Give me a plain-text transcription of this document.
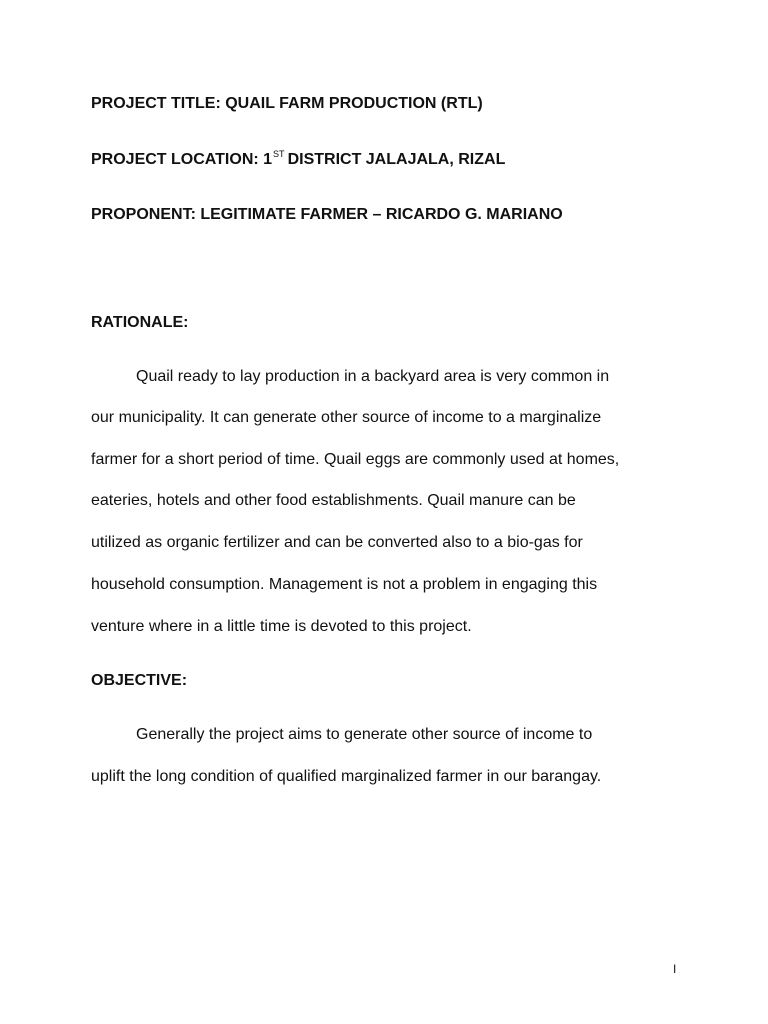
PROJECT TITLE: QUAIL FARM PRODUCTION (RTL)
PROJECT LOCATION: 1ST DISTRICT JALAJALA, RIZAL
PROPONENT: LEGITIMATE FARMER – RICARDO G. MARIANO
RATIONALE:
Quail ready to lay production in a backyard area is very common in
our municipality. It can generate other source of income to a marginalize
farmer for a short period of time. Quail eggs are commonly used at homes,
eateries, hotels and other food establishments. Quail manure can be
utilized as organic fertilizer and can be converted also to a bio-gas for
household consumption. Management is not a problem in engaging this
venture where in a little time is devoted to this project.
OBJECTIVE:
Generally the project aims to generate other source of income to
uplift the long condition of qualified marginalized farmer in our barangay.
I
